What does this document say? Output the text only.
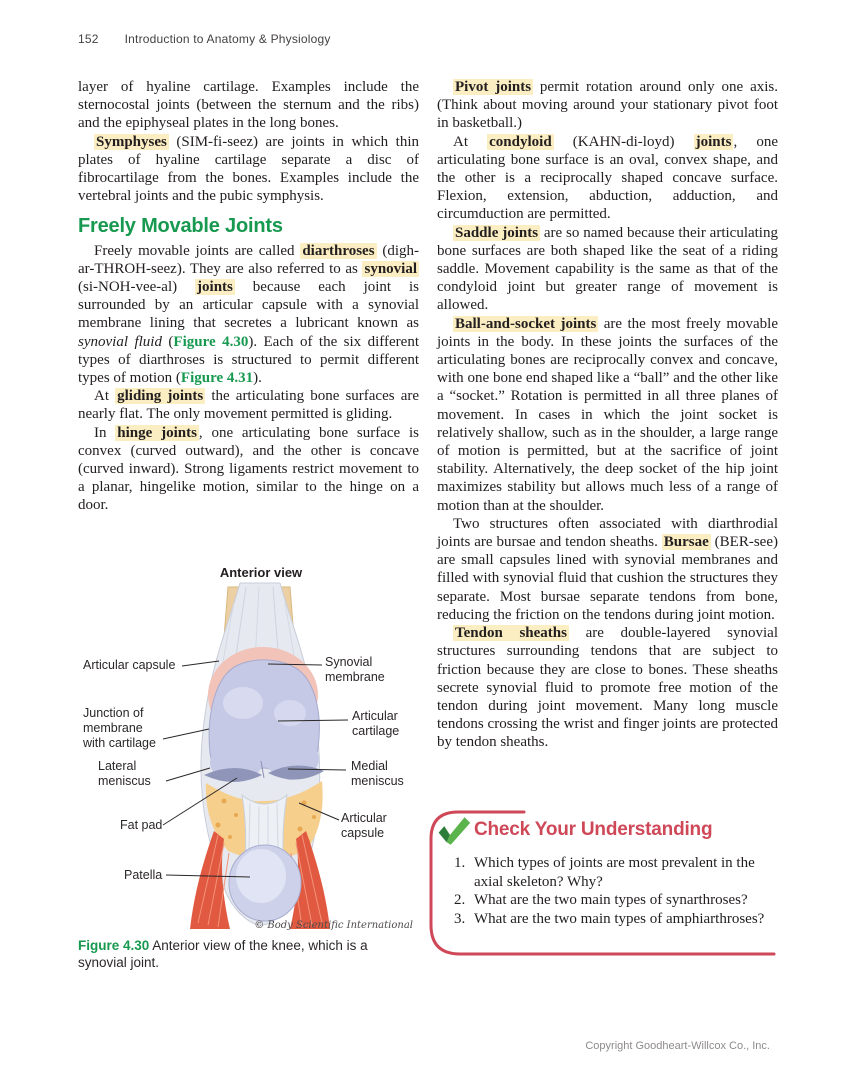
152 Introduction to Anatomy & Physiology

layer of hyaline cartilage. Examples include the sternocostal joints (between the sternum and the ribs) and the epiphyseal plates in the long bones.

Symphyses (SIM-fi-seez) are joints in which thin plates of hyaline cartilage separate a disc of fibrocartilage from the bones. Examples include the vertebral joints and the pubic symphysis.

Freely Movable Joints

Freely movable joints are called diarthroses (digh-ar-THROH-seez). They are also referred to as synovial (si-NOH-vee-al) joints because each joint is surrounded by an articular capsule with a synovial membrane lining that secretes a lubricant known as synovial fluid (Figure 4.30). Each of the six different types of diarthroses is structured to permit different types of motion (Figure 4.31).

At gliding joints the articulating bone surfaces are nearly flat. The only movement permitted is gliding.

In hinge joints , one articulating bone surface is convex (curved outward), and the other is concave (curved inward). Strong ligaments restrict movement to a planar, hingelike motion, similar to the hinge on a door.

Anterior view
Articular capsule	Synovial membrane
Junction of membrane with cartilage
Lateral meniscus
Articular cartilage
Medial meniscus
Fat pad	Articular capsule
Patella
© Body Scientific International
Figure 4.30 Anterior view of the knee, which is a synovial joint.

Pivot joints permit rotation around only one axis. (Think about moving around your stationary pivot foot in basketball.)

At condyloid (KAHN-di-loyd) joints , one articulating bone surface is an oval, convex shape, and the other is a reciprocally shaped concave surface. Flexion, extension, abduction, adduction, and circumduction are permitted.

Saddle joints are so named because their articulating bone surfaces are both shaped like the seat of a riding saddle. Movement capability is the same as that of the condyloid joint but greater range of movement is allowed.

Ball-and-socket joints are the most freely movable joints in the body. In these joints the surfaces of the articulating bones are reciprocally convex and concave, with one bone end shaped like a “ball” and the other like a “socket.” Rotation is permitted in all three planes of movement. In cases in which the joint socket is relatively shallow, such as in the shoulder, a large range of motion is permitted, but at the sacrifice of joint stability. Alternatively, the deep socket of the hip joint maximizes stability but allows much less of a range of motion than at the shoulder.

Two structures often associated with diarthrodial joints are bursae and tendon sheaths. Bursae (BER-see) are small capsules lined with synovial membranes and filled with synovial fluid that cushion the structures they separate. Most bursae separate tendons from bone, reducing the friction on the tendons during joint motion.

Tendon sheaths are double-layered synovial structures surrounding tendons that are subject to friction because they are close to bones. These sheaths secrete synovial fluid to promote free motion of the tendon during joint movement. Many long muscle tendons crossing the wrist and finger joints are protected by tendon sheaths.

Check Your Understanding
1. Which types of joints are most prevalent in the axial skeleton? Why?
2. What are the two main types of synarthroses?
3. What are the two main types of amphiarthroses?
Copyright Goodheart-Willcox Co., Inc.
